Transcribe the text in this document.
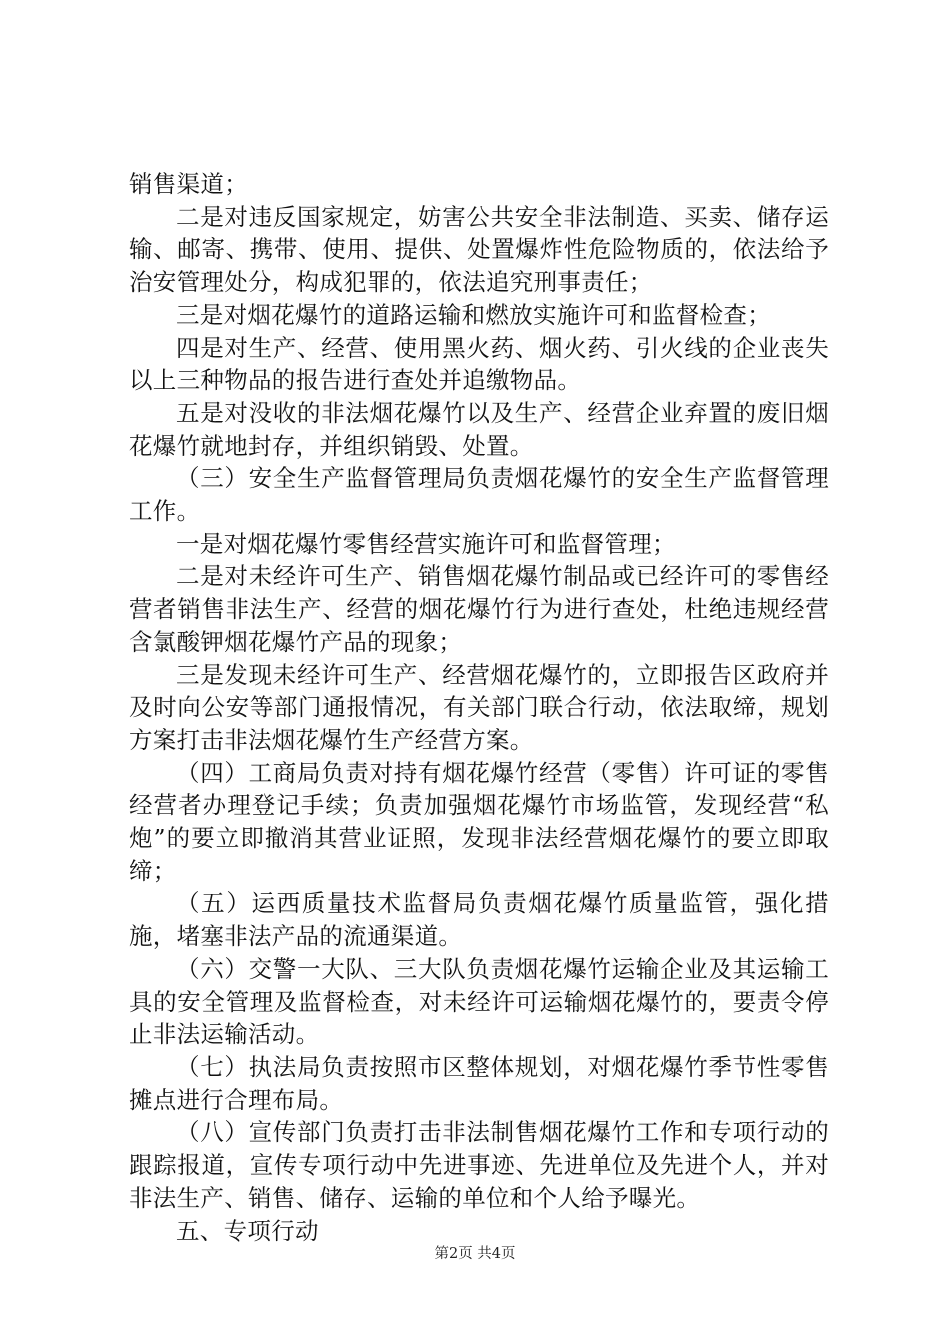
销售渠道；

二是对违反国家规定，妨害公共安全非法制造、买卖、储存运输、邮寄、携带、使用、提供、处置爆炸性危险物质的，依法给予治安管理处分，构成犯罪的，依法追究刑事责任；

三是对烟花爆竹的道路运输和燃放实施许可和监督检查；

四是对生产、经营、使用黑火药、烟火药、引火线的企业丧失以上三种物品的报告进行查处并追缴物品。

五是对没收的非法烟花爆竹以及生产、经营企业弃置的废旧烟花爆竹就地封存，并组织销毁、处置。

（三）安全生产监督管理局负责烟花爆竹的安全生产监督管理工作。

一是对烟花爆竹零售经营实施许可和监督管理；

二是对未经许可生产、销售烟花爆竹制品或已经许可的零售经营者销售非法生产、经营的烟花爆竹行为进行查处，杜绝违规经营含氯酸钾烟花爆竹产品的现象；

三是发现未经许可生产、经营烟花爆竹的，立即报告区政府并及时向公安等部门通报情况，有关部门联合行动，依法取缔，规划方案打击非法烟花爆竹生产经营方案。

（四）工商局负责对持有烟花爆竹经营（零售）许可证的零售经营者办理登记手续；负责加强烟花爆竹市场监管，发现经营“私炮”的要立即撤消其营业证照，发现非法经营烟花爆竹的要立即取缔；

（五）运西质量技术监督局负责烟花爆竹质量监管，强化措施，堵塞非法产品的流通渠道。

（六）交警一大队、三大队负责烟花爆竹运输企业及其运输工具的安全管理及监督检查，对未经许可运输烟花爆竹的，要责令停止非法运输活动。

（七）执法局负责按照市区整体规划，对烟花爆竹季节性零售摊点进行合理布局。

（八）宣传部门负责打击非法制售烟花爆竹工作和专项行动的跟踪报道，宣传专项行动中先进事迹、先进单位及先进个人，并对非法生产、销售、储存、运输的单位和个人给予曝光。

五、专项行动

第2页 共4页
